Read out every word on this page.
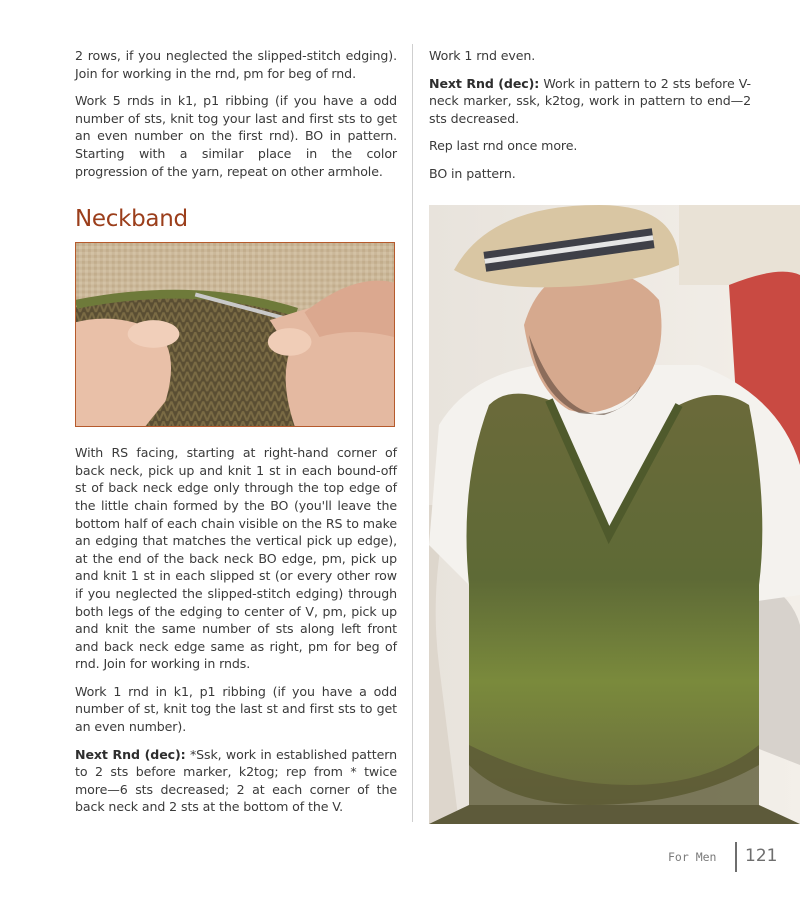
2 rows, if you neglected the slipped-stitch edging). Join for working in the rnd, pm for beg of rnd.

Work 5 rnds in k1, p1 ribbing (if you have a odd number of sts, knit tog your last and first sts to get an even number on the first rnd). BO in pattern. Starting with a similar place in the color progression of the yarn, repeat on other armhole.

Neckband

With RS facing, starting at right-hand corner of back neck, pick up and knit 1 st in each bound-off st of back neck edge only through the top edge of the little chain formed by the BO (you'll leave the bottom half of each chain visible on the RS to make an edging that matches the vertical pick up edge), at the end of the back neck BO edge, pm, pick up and knit 1 st in each slipped st (or every other row if you neglected the slipped-stitch edging) through both legs of the edging to center of V, pm, pick up and knit the same number of sts along left front and back neck edge same as right, pm for beg of rnd. Join for working in rnds.

Work 1 rnd in k1, p1 ribbing (if you have a odd number of st, knit tog the last st and first sts to get an even number).

Next Rnd (dec): *Ssk, work in established pattern to 2 sts before marker, k2tog; rep from * twice more—6 sts decreased; 2 at each corner of the back neck and 2 sts at the bottom of the V.

Work 1 rnd even.

Next Rnd (dec): Work in pattern to 2 sts before V-neck marker, ssk, k2tog, work in pattern to end—2 sts decreased.

Rep last rnd once more.

BO in pattern.

For Men 121
